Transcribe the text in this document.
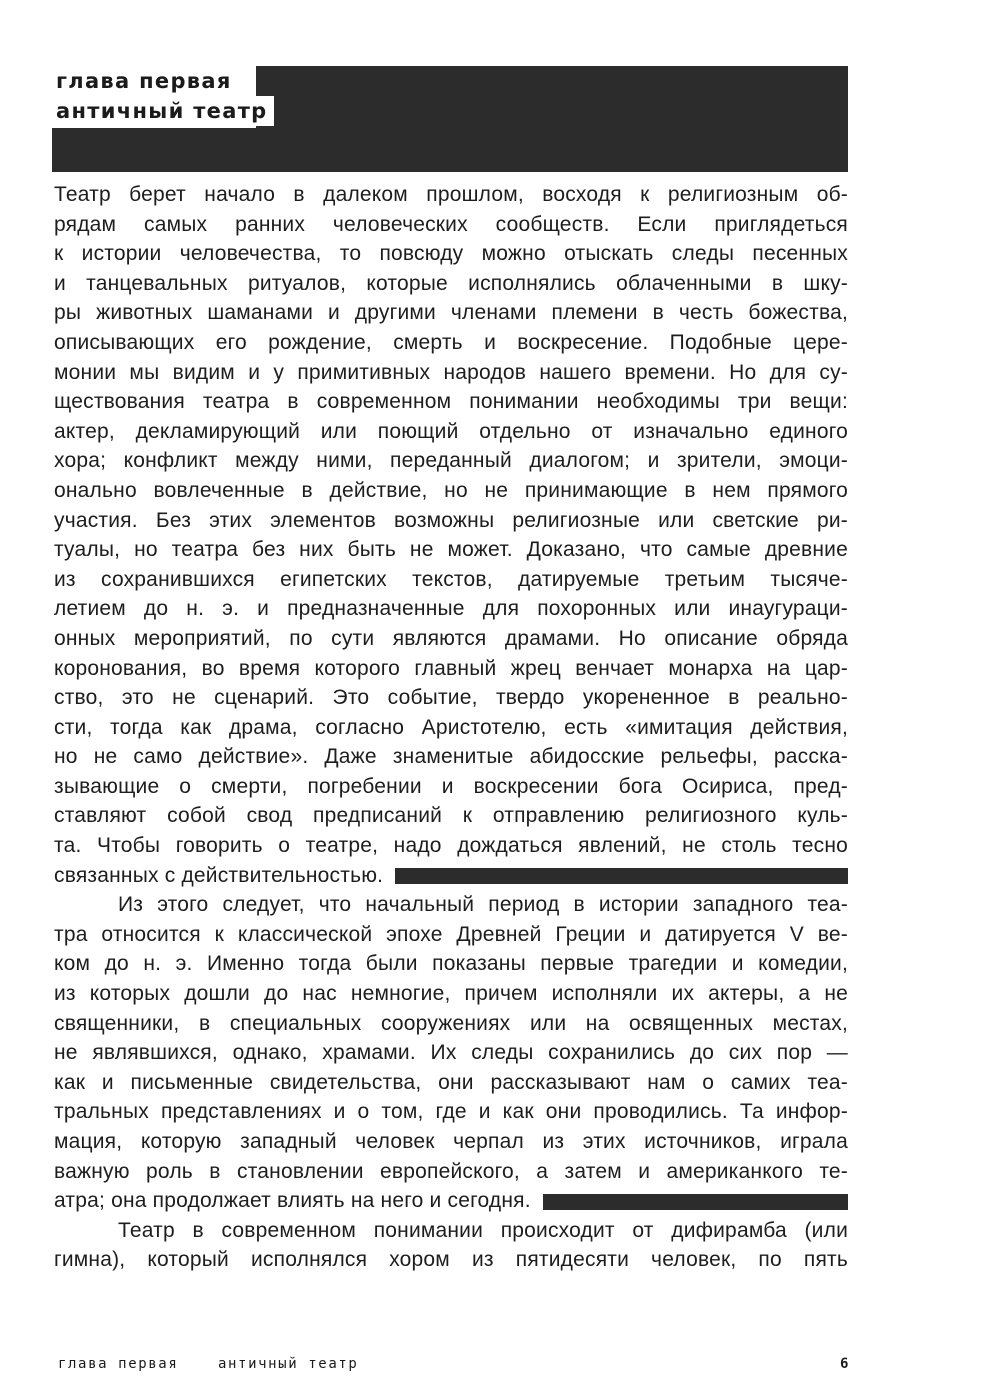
глава первая
античный театр
Театр берет начало в далеком прошлом, восходя к религиозным об-
рядам самых ранних человеческих сообществ. Если приглядеться
к истории человечества, то повсюду можно отыскать следы песенных
и танцевальных ритуалов, которые исполнялись облаченными в шку-
ры животных шаманами и другими членами племени в честь божества,
описывающих его рождение, смерть и воскресение. Подобные цере-
монии мы видим и у примитивных народов нашего времени. Но для су-
ществования театра в современном понимании необходимы три вещи:
актер, декламирующий или поющий отдельно от изначально единого
хора; конфликт между ними, переданный диалогом; и зрители, эмоци-
онально вовлеченные в действие, но не принимающие в нем прямого
участия. Без этих элементов возможны религиозные или светские ри-
туалы, но театра без них быть не может. Доказано, что самые древние
из сохранившихся египетских текстов, датируемые третьим тысяче-
летием до н. э. и предназначенные для похоронных или инаугураци-
онных мероприятий, по сути являются драмами. Но описание обряда
коронования, во время которого главный жрец венчает монарха на цар-
ство, это не сценарий. Это событие, твердо укорененное в реально-
сти, тогда как драма, согласно Аристотелю, есть «имитация действия,
но не само действие». Даже знаменитые абидосские рельефы, расска-
зывающие о смерти, погребении и воскресении бога Осириса, пред-
ставляют собой свод предписаний к отправлению религиозного куль-
та. Чтобы говорить о театре, надо дождаться явлений, не столь тесно
связанных с действительностью.
Из этого следует, что начальный период в истории западного теа-
тра относится к классической эпохе Древней Греции и датируется V ве-
ком до н. э. Именно тогда были показаны первые трагедии и комедии,
из которых дошли до нас немногие, причем исполняли их актеры, а не
священники, в специальных сооружениях или на освященных местах,
не являвшихся, однако, храмами. Их следы сохранились до сих пор —
как и письменные свидетельства, они рассказывают нам о самих теа-
тральных представлениях и о том, где и как они проводились. Та инфор-
мация, которую западный человек черпал из этих источников, играла
важную роль в становлении европейского, а затем и американкого те-
атра; она продолжает влиять на него и сегодня.
Театр в современном понимании происходит от дифирамба (или
гимна), который исполнялся хором из пятидесяти человек, по пять
глава первая	античный театр	6
